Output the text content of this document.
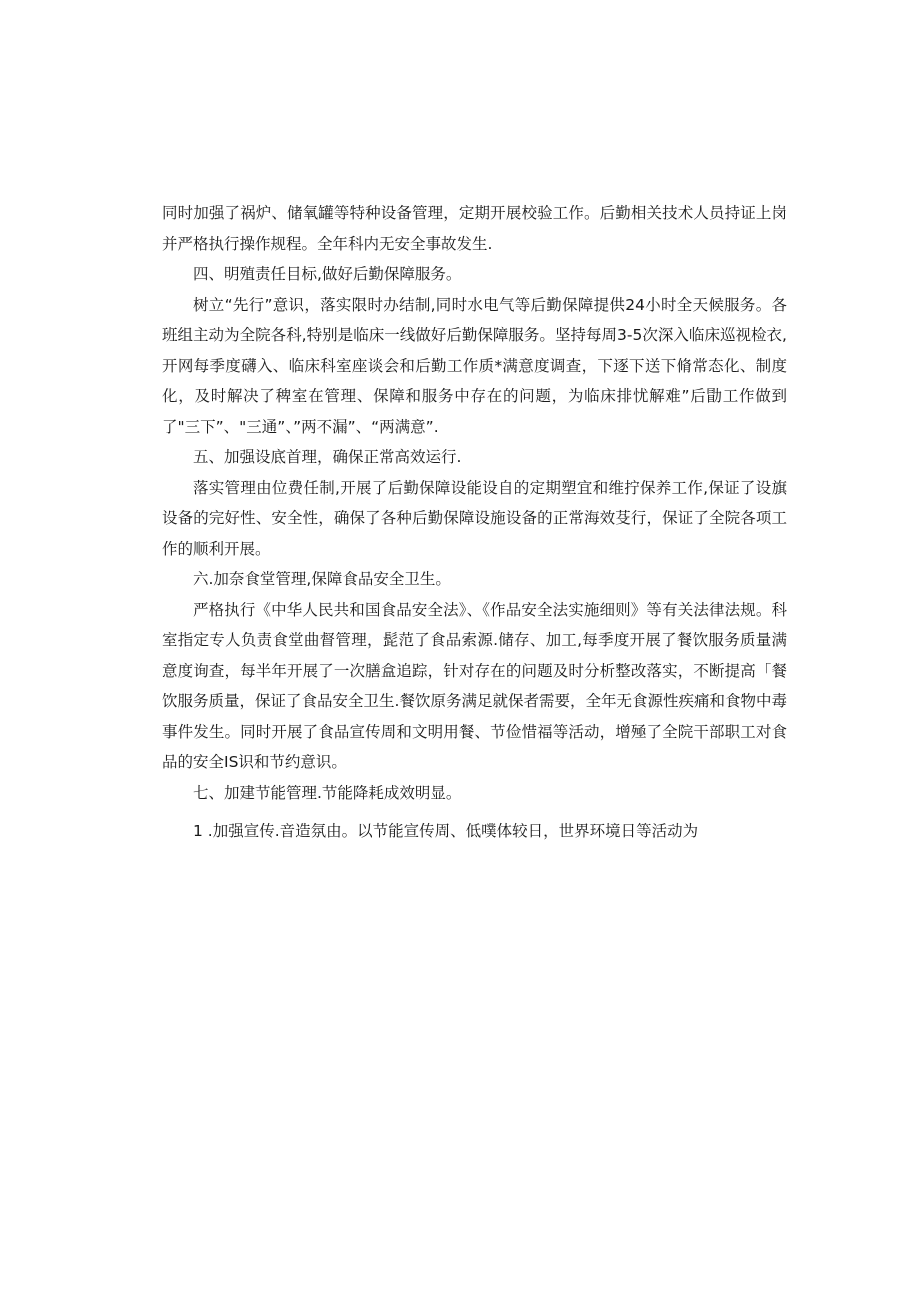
同时加强了祸炉、储氧罐等特种设备管理，定期开展校验工作。后勤相关技术人员持证上岗并严格执行操作规程。全年科内无安全事故发生.

四、明殖责任目标,做好后勤保障服务。

树立“先行”意识，落实限时办结制,同时水电气等后勤保障提供24小时全天候服务。各班组主动为全院各科,特别是临床一线做好后勤保障服务。坚持每周3-5次深入临床巡视检衣,开网每季度礴入、临床科室座谈会和后勤工作质*满意度调查，下逐下送下脩常态化、制度化，及时解决了稗室在管理、保障和服务中存在的问题，为临床排忧解难”后勖工作做到了"三下”、"三通”、”两不漏”、“两满意”.

五、加强设底首理，确保正常高效运行.

落实管理由位费任制,开展了后勤保障设能设自的定期塑宜和维拧保养工作,保证了设旗设备的完好性、安全性，确保了各种后勤保障设施设备的正常海效芟行，保证了全院各项工作的顺利开展。

六.加奈食堂管理,保障食品安全卫生。

严格执行《中华人民共和国食品安全法》、《作品安全法实施细则》等有关法律法规。科室指定专人负责食堂曲督管理，髭范了食品索源.储存、加工,每季度开展了餐饮服务质量满意度询查，每半年开展了一次膳盒追踪，针对存在的问题及时分析整改落实，不断提高「餐饮服务质量，保证了食品安全卫生.餐饮原务满足就保者需要，全年无食源性疾痛和食物中毒事件发生。同时开展了食品宣传周和文明用餐、节俭惜福等活动，增殛了全院干部职工对食品的安全IS识和节约意识。

七、加建节能管理.节能降耗成效明显。

1 .加强宣传.音造氛由。以节能宣传周、低噗体较日，世界环境日等活动为
